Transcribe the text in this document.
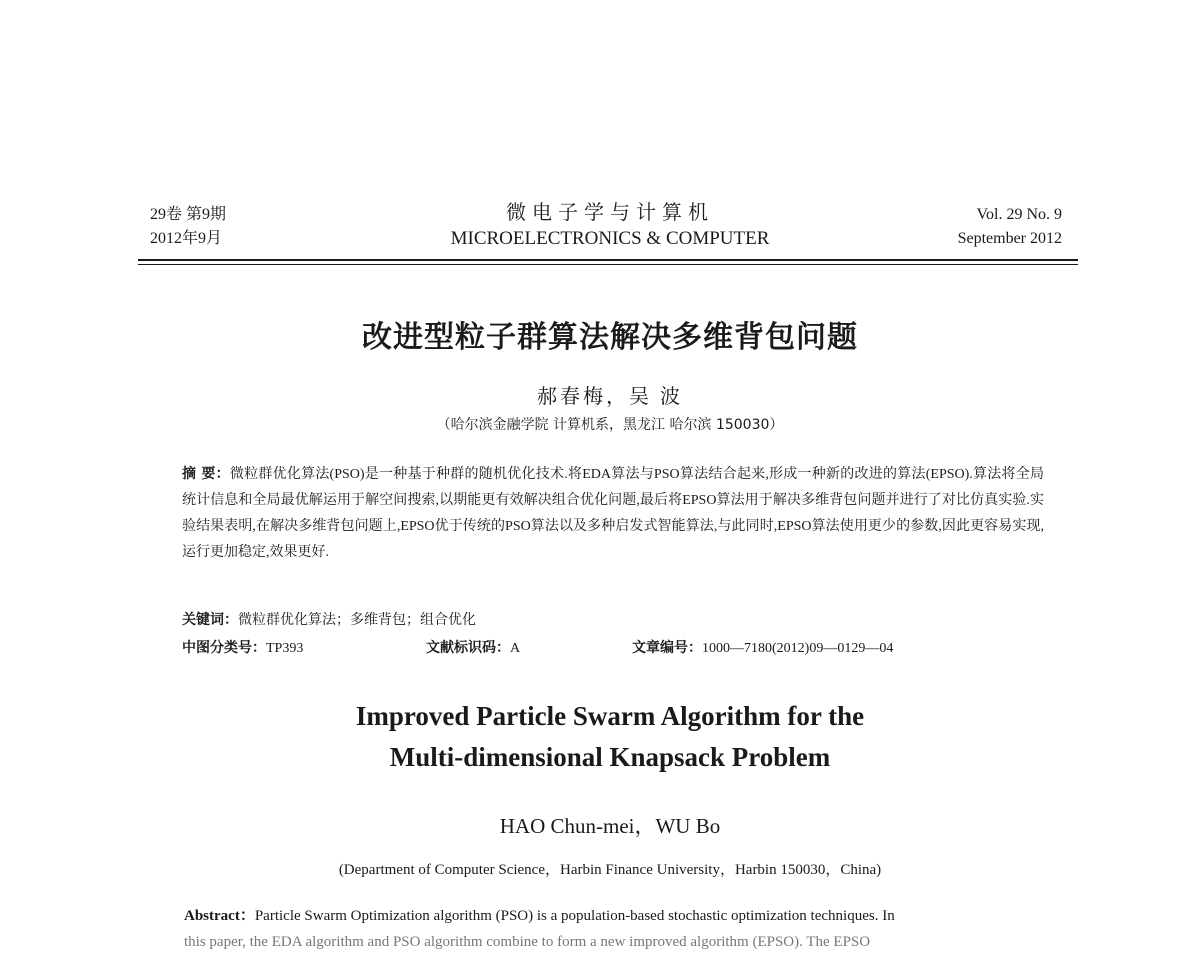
29卷 第9期
2012年9月
微电子学与计算机
MICROELECTRONICS & COMPUTER
Vol. 29 No. 9
September 2012
改进型粒子群算法解决多维背包问题
郝春梅，吴 波
（哈尔滨金融学院 计算机系，黑龙江 哈尔滨 150030）
摘 要：微粒群优化算法(PSO)是一种基于种群的随机优化技术.将EDA算法与PSO算法结合起来,形成一种新的改进的算法(EPSO).算法将全局统计信息和全局最优解运用于解空间搜索,以期能更有效解决组合优化问题,最后将EPSO算法用于解决多维背包问题并进行了对比仿真实验.实验结果表明,在解决多维背包问题上,EPSO优于传统的PSO算法以及多种启发式智能算法,与此同时,EPSO算法使用更少的参数,因此更容易实现,运行更加稳定,效果更好.
关键词：微粒群优化算法；多维背包；组合优化
中图分类号：TP393	文献标识码：A	文章编号：1000—7180(2012)09—0129—04
Improved Particle Swarm Algorithm for the
Multi-dimensional Knapsack Problem
HAO Chun-mei，WU Bo
(Department of Computer Science，Harbin Finance University，Harbin 150030，China)
Abstract：Particle Swarm Optimization algorithm (PSO) is a population-based stochastic optimization techniques. In
this paper, the EDA algorithm and PSO algorithm combine to form a new improved algorithm (EPSO). The EPSO
